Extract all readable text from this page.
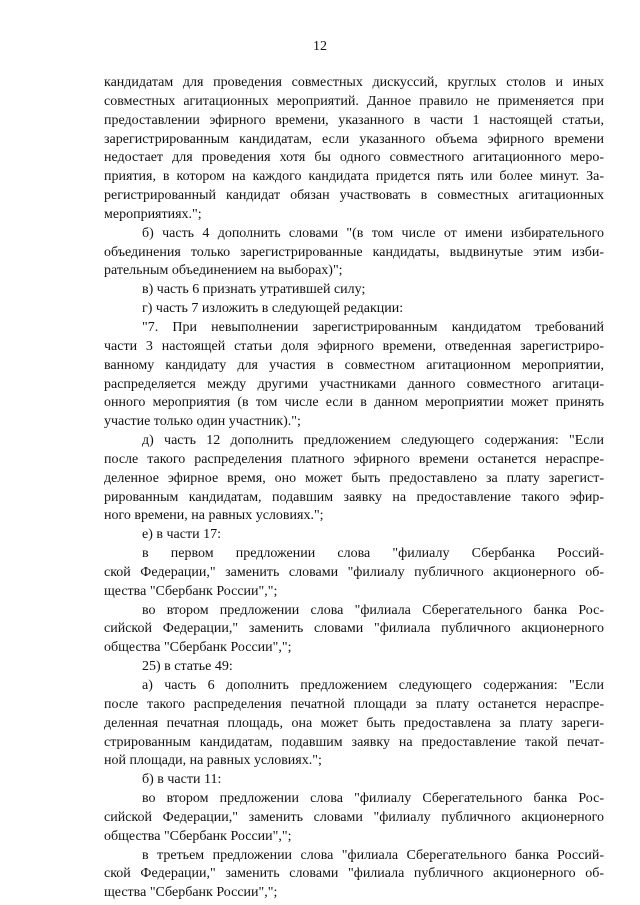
12
кандидатам для проведения совместных дискуссий, круглых столов и иных
совместных агитационных мероприятий. Данное правило не применяется при
предоставлении эфирного времени, указанного в части 1 настоящей статьи,
зарегистрированным кандидатам, если указанного объема эфирного времени
недостает для проведения хотя бы одного совместного агитационного меро-
приятия, в котором на каждого кандидата придется пять или более минут. За-
регистрированный кандидат обязан участвовать в совместных агитационных
мероприятиях.";
б) часть 4 дополнить словами "(в том числе от имени избирательного
объединения только зарегистрированные кандидаты, выдвинутые этим изби-
рательным объединением на выборах)";
в) часть 6 признать утратившей силу;
г) часть 7 изложить в следующей редакции:
"7. При невыполнении зарегистрированным кандидатом требований
части 3 настоящей статьи доля эфирного времени, отведенная зарегистриро-
ванному кандидату для участия в совместном агитационном мероприятии,
распределяется между другими участниками данного совместного агитаци-
онного мероприятия (в том числе если в данном мероприятии может принять
участие только один участник).";
д) часть 12 дополнить предложением следующего содержания: "Если
после такого распределения платного эфирного времени останется нераспре-
деленное эфирное время, оно может быть предоставлено за плату зарегист-
рированным кандидатам, подавшим заявку на предоставление такого эфир-
ного времени, на равных условиях.";
е) в части 17:
в первом предложении слова "филиалу Сбербанка Россий-
ской Федерации," заменить словами "филиалу публичного акционерного об-
щества "Сбербанк России",";
во втором предложении слова "филиала Сберегательного банка Рос-
сийской Федерации," заменить словами "филиала публичного акционерного
общества "Сбербанк России",";
25) в статье 49:
а) часть 6 дополнить предложением следующего содержания: "Если
после такого распределения печатной площади за плату останется нераспре-
деленная печатная площадь, она может быть предоставлена за плату зареги-
стрированным кандидатам, подавшим заявку на предоставление такой печат-
ной площади, на равных условиях.";
б) в части 11:
во втором предложении слова "филиалу Сберегательного банка Рос-
сийской Федерации," заменить словами "филиалу публичного акционерного
общества "Сбербанк России",";
в третьем предложении слова "филиала Сберегательного банка Россий-
ской Федерации," заменить словами "филиала публичного акционерного об-
щества "Сбербанк России",";
